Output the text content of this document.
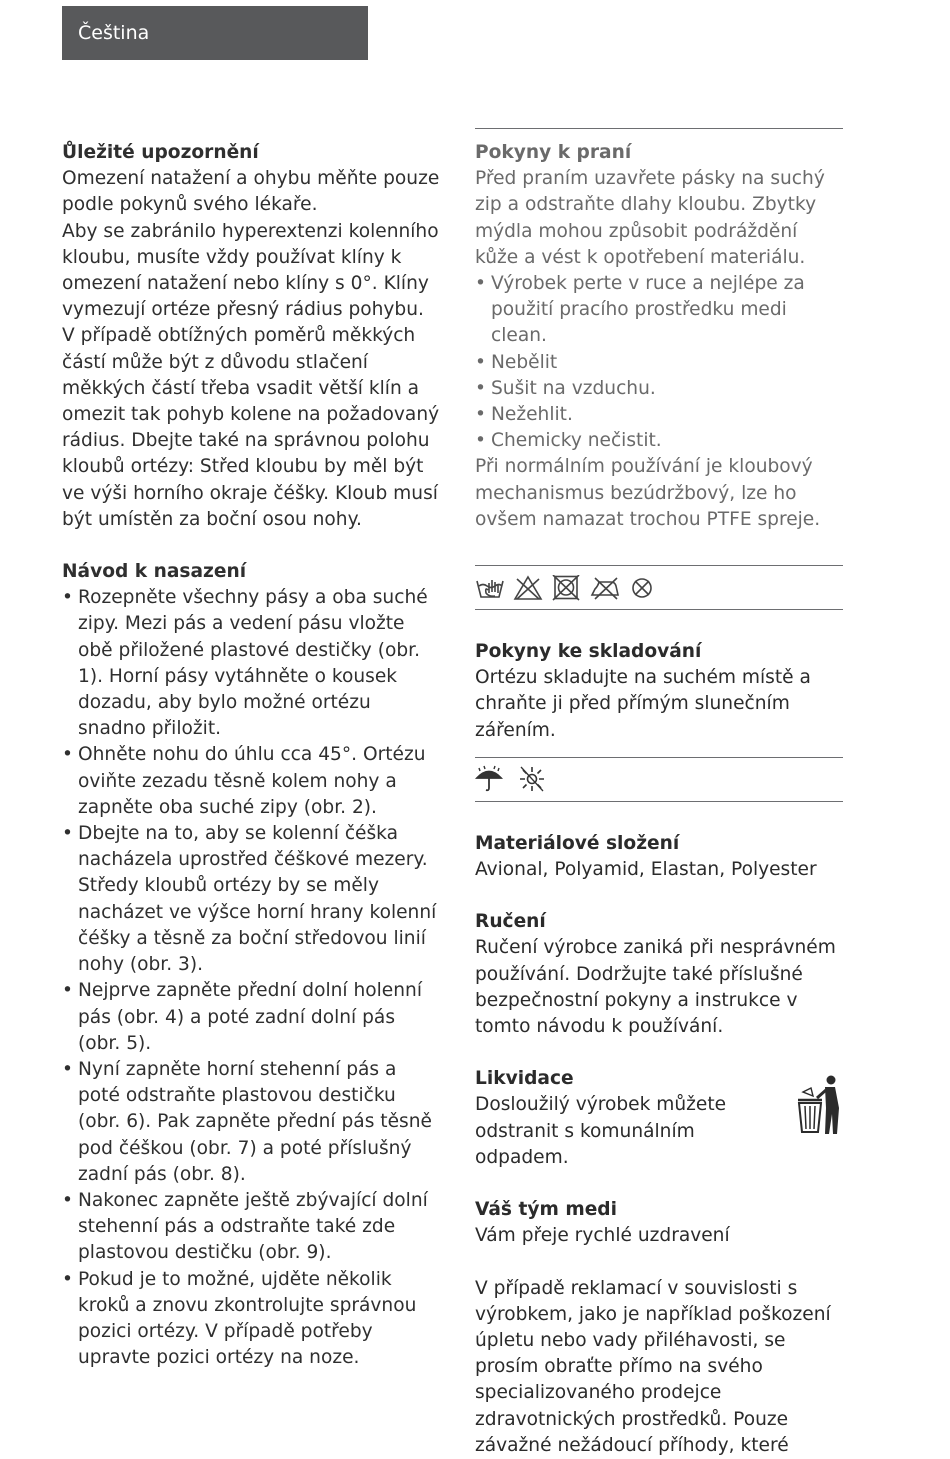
Čeština
Ůležité upozornění

Omezení natažení a ohybu měňte pouze podle pokynů svého lékaře.

Aby se zabránilo hyperextenzi kolenního kloubu, musíte vždy používat klíny k omezení natažení nebo klíny s 0°. Klíny vymezují ortéze přesný rádius pohybu. V případě obtížných poměrů měkkých částí může být z důvodu stlačení měkkých částí třeba vsadit větší klín a omezit tak pohyb kolene na požadovaný rádius. Dbejte také na správnou polohu kloubů ortézy: Střed kloubu by měl být ve výši horního okraje čéšky. Kloub musí být umístěn za boční osou nohy.

Návod k nasazení
• Rozepněte všechny pásy a oba suché zipy. Mezi pás a vedení pásu vložte obě přiložené plastové destičky (obr. 1). Horní pásy vytáhněte o kousek dozadu, aby bylo možné ortézu snadno přiložit.
• Ohněte nohu do úhlu cca 45°. Ortézu oviňte zezadu těsně kolem nohy a zapněte oba suché zipy (obr. 2).
• Dbejte na to, aby se kolenní čéška nacházela uprostřed čéškové mezery. Středy kloubů ortézy by se měly nacházet ve výšce horní hrany kolenní čéšky a těsně za boční středovou linií nohy (obr. 3).
• Nejprve zapněte přední dolní holenní pás (obr. 4) a poté zadní dolní pás (obr. 5).
• Nyní zapněte horní stehenní pás a poté odstraňte plastovou destičku (obr. 6). Pak zapněte přední pás těsně pod čéškou (obr. 7) a poté příslušný zadní pás (obr. 8).
• Nakonec zapněte ještě zbývající dolní stehenní pás a odstraňte také zde plastovou destičku (obr. 9).
• Pokud je to možné, ujděte několik kroků a znovu zkontrolujte správnou pozici ortézy. V případě potřeby upravte pozici ortézy na noze.
Pokyny k praní

Před praním uzavřete pásky na suchý zip a odstraňte dlahy kloubu. Zbytky mýdla mohou způsobit podráždění kůže a vést k opotřebení materiálu.

• Výrobek perte v ruce a nejlépe za použití pracího prostředku medi clean.
• Nebělit
• Sušit na vzduchu.
• Nežehlit.
• Chemicky nečistit.

Při normálním používání je kloubový mechanismus bezúdržbový, lze ho ovšem namazat trochou PTFE spreje.

Pokyny ke skladování

Ortézu skladujte na suchém místě a chraňte ji před přímým slunečním zářením.

Materiálové složení

Avional, Polyamid, Elastan, Polyester

Ručení

Ručení výrobce zaniká při nesprávném používání. Dodržujte také příslušné bezpečnostní pokyny a instrukce v tomto návodu k používání.

Likvidace

Dosloužilý výrobek můžete odstranit s komunálním odpadem.

Váš tým medi

Vám přeje rychlé uzdravení

V případě reklamací v souvislosti s výrobkem, jako je například poškození úpletu nebo vady přiléhavosti, se prosím obraťte přímo na svého specializovaného prodejce zdravotnických prostředků. Pouze závažné nežádoucí příhody, které
